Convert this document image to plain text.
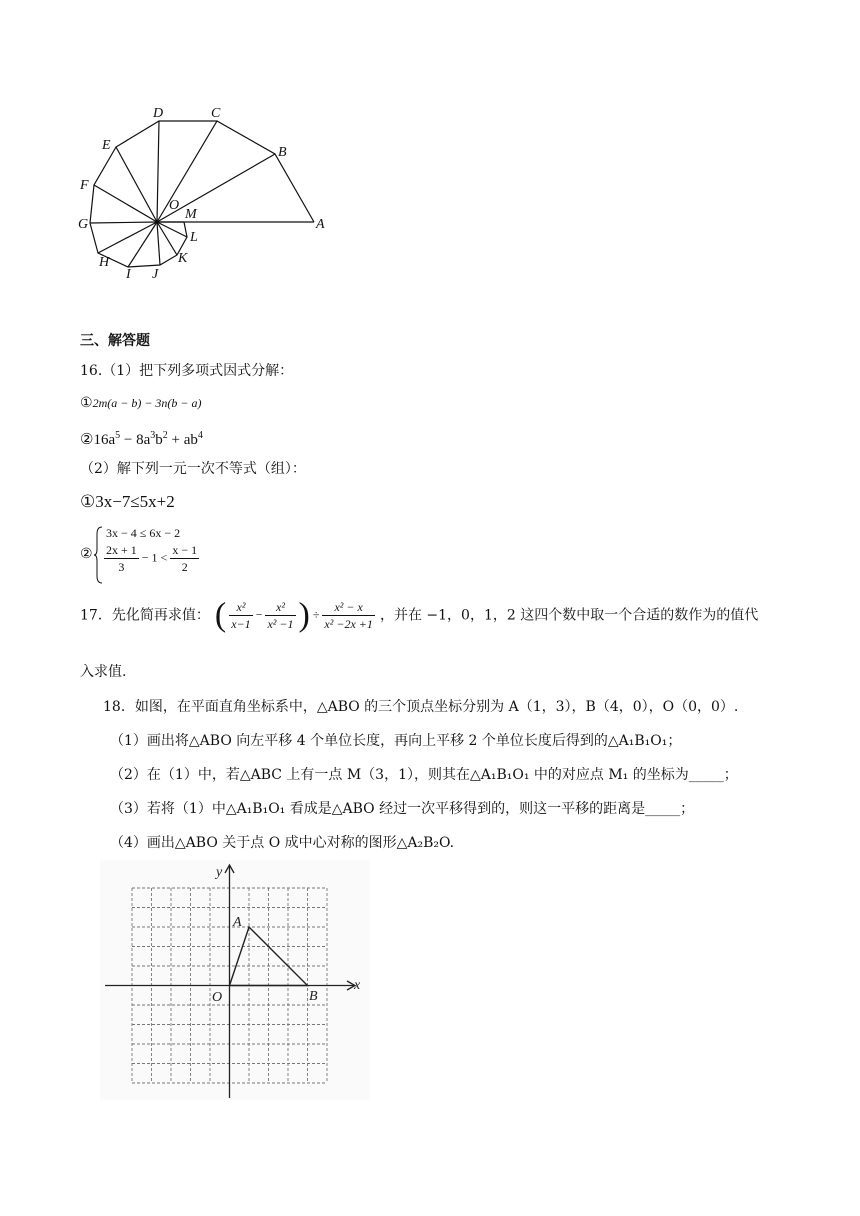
D	C
B
E
F
O
M
A
G
L
H	K
I J
三、解答题
16.（1）把下列多项式因式分解：
①2m(a − b) − 3n(b − a)
$②16a^5 - 8a^3b^2 + ab^4$
（2）解下列一元一次不等式（组）：
①3x−7≤5x+2
②
3x − 4 ≤ 6x − 2
$\frac{2x + 1}{3} - 1 < \frac{x - 1}{2}$
17．先化简再求值： ( $\frac{\text{x²}}{x-1} - \frac{\text{x²}}{\text{x² −1}}$ ) ÷ $\frac{\text{x² − x}}{\text{x² −2x +1}}$ ，并在 −1，0，1，2 这四个数中取一个合适的数作为的值代
入求值.
18．如图，在平面直角坐标系中，△ABO 的三个顶点坐标分别为 A（1，3），B（4，0），O（0，0）.
（1）画出将△ABO 向左平移 4 个单位长度，再向上平移 2 个单位长度后得到的△A₁B₁O₁；
（2）在（1）中，若△ABC 上有一点 M（3，1），则其在△A₁B₁O₁ 中的对应点 M₁ 的坐标为_____；
（3）若将（1）中△A₁B₁O₁ 看成是△ABO 经过一次平移得到的，则这一平移的距离是_____；
（4）画出△ABO 关于点 O 成中心对称的图形△A₂B₂O.
x
y
O
A
B
